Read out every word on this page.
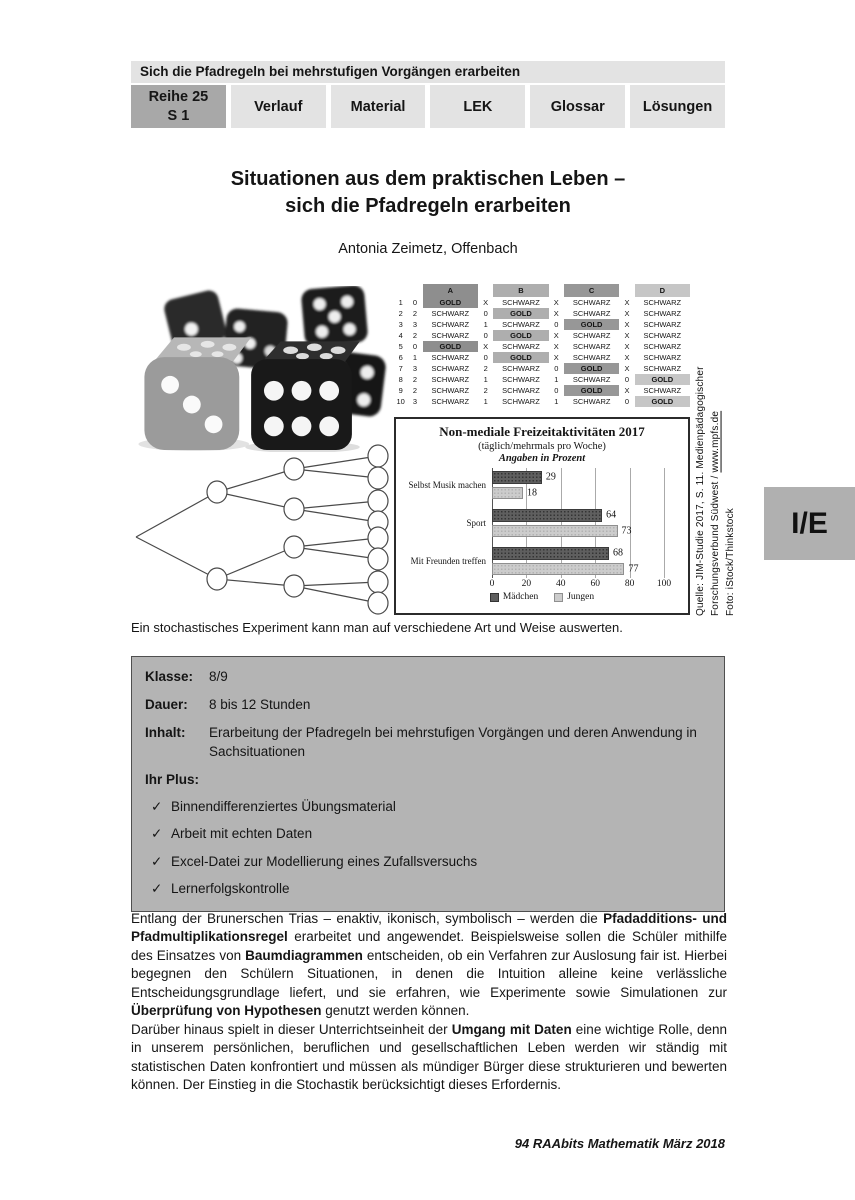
Sich die Pfadregeln bei mehrstufigen Vorgängen erarbeiten
Reihe 25
S 1
Verlauf	Material	LEK	Glossar	Lösungen
Situationen aus dem praktischen Leben –
sich die Pfadregeln erarbeiten
Antonia Zeimetz, Offenbach
		A		B		C		D
1	0	GOLD	X	SCHWARZ	X	SCHWARZ	X	SCHWARZ
2	2	SCHWARZ	0	GOLD	X	SCHWARZ	X	SCHWARZ
3	3	SCHWARZ	1	SCHWARZ	0	GOLD	X	SCHWARZ
4	2	SCHWARZ	0	GOLD	X	SCHWARZ	X	SCHWARZ
5	0	GOLD	X	SCHWARZ	X	SCHWARZ	X	SCHWARZ
6	1	SCHWARZ	0	GOLD	X	SCHWARZ	X	SCHWARZ
7	3	SCHWARZ	2	SCHWARZ	0	GOLD	X	SCHWARZ
8	2	SCHWARZ	1	SCHWARZ	1	SCHWARZ	0	GOLD
9	2	SCHWARZ	2	SCHWARZ	0	GOLD	X	SCHWARZ
10	3	SCHWARZ	1	SCHWARZ	1	SCHWARZ	0	GOLD
Non-mediale Freizeitaktivitäten 2017
(täglich/mehrmals pro Woche)
Angaben in Prozent
Selbst Musik machen
29
18
Sport
64
73
Mit Freunden treffen
68
77
0	20	40	60	80 100
Mädchen	Jungen	Quelle: JIM-Studie 2017, S. 11. Medienpädagogischer Forschungsverbund Südwest / www.mpfs.de
Foto: iStock/Thinkstock	I/E
Ein stochastisches Experiment kann man auf verschiedene Art und Weise auswerten.
Klasse:	8/9
Dauer:	8 bis 12 Stunden
Inhalt:	Erarbeitung der Pfadregeln bei mehrstufigen Vorgängen und deren Anwendung in Sachsituationen
Ihr Plus:
✓ Binnendifferenziertes Übungsmaterial
✓ Arbeit mit echten Daten
✓ Excel-Datei zur Modellierung eines Zufallsversuchs
✓ Lernerfolgskontrolle
Entlang der Brunerschen Trias – enaktiv, ikonisch, symbolisch – werden die Pfadadditions- und Pfadmultiplikationsregel erarbeitet und angewendet. Beispielsweise sollen die Schüler mithilfe des Einsatzes von Baumdiagrammen entscheiden, ob ein Verfahren zur Auslosung fair ist. Hierbei begegnen den Schülern Situationen, in denen die Intuition alleine keine verlässliche Entscheidungsgrundlage liefert, und sie erfahren, wie Experimente sowie Simulationen zur Überprüfung von Hypothesen genutzt werden können.
Darüber hinaus spielt in dieser Unterrichtseinheit der Umgang mit Daten eine wichtige Rolle, denn in unserem persönlichen, beruflichen und gesellschaftlichen Leben werden wir ständig mit statistischen Daten konfrontiert und müssen als mündiger Bürger diese strukturieren und bewerten können. Der Einstieg in die Stochastik berücksichtigt dieses Erfordernis.
94 RAAbits Mathematik März 2018
